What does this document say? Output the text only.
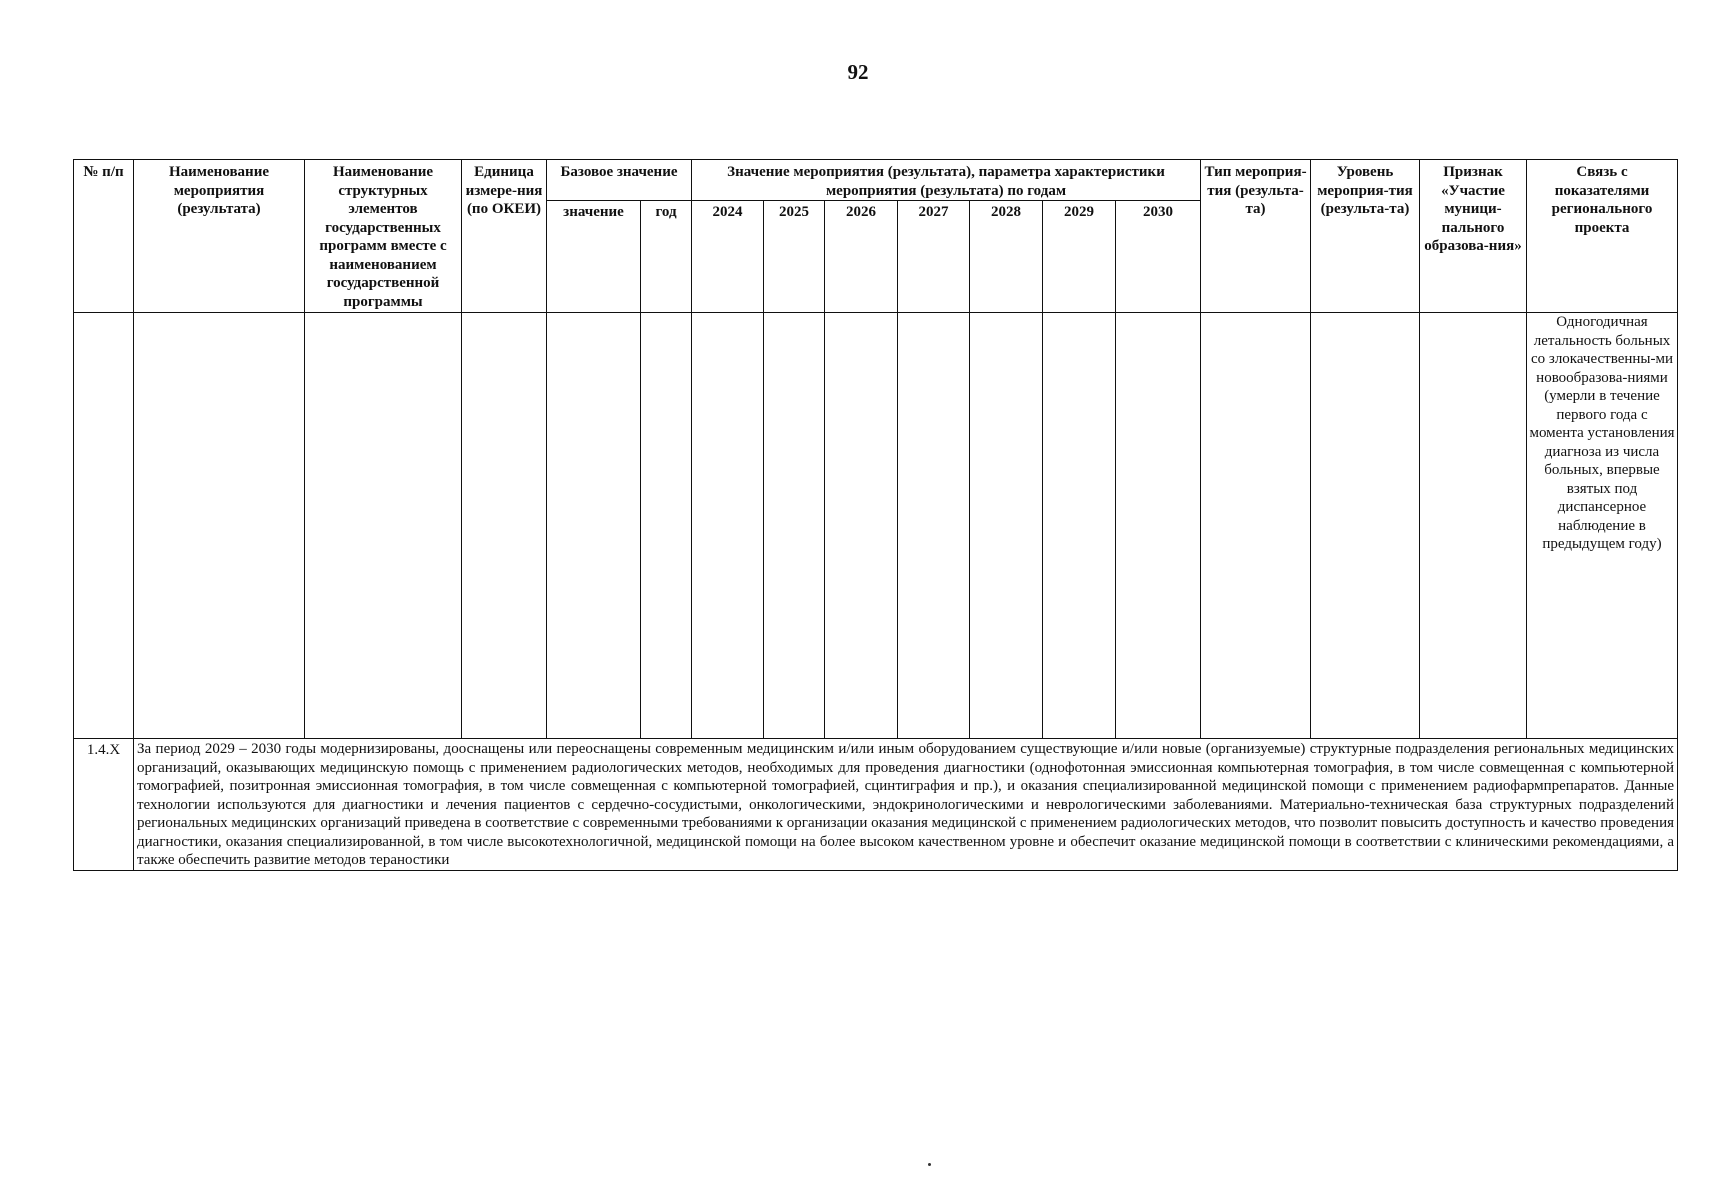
92
№ п/п	Наименование мероприятия (результата)	Наименование структурных элементов государственных программ вместе с наименованием государственной программы	Единица измере-ния (по ОКЕИ)	Базовое значение		Значение мероприятия (результата), параметра характеристики мероприятия (результата) по годам							Тип мероприя-тия (результа-та)	Уровень мероприя-тия (результа-та)	Признак «Участие муници-пального образова-ния»	Связь с показателями регионального проекта
				значение	год	2024	2025	2026	2027	2028	2029	2030				
																Одногодичная летальность больных со злокачественны-ми новообразова-ниями (умерли в течение первого года с момента установления диагноза из числа больных, впервые взятых под диспансерное наблюдение в предыдущем году)
1.4.Х	За период 2029 – 2030 годы модернизированы, дооснащены или переоснащены современным медицинским и/или иным оборудованием существующие и/или новые (организуемые) структурные подразделения региональных медицинских организаций, оказывающих медицинскую помощь с применением радиологических методов, необходимых для проведения диагностики (однофотонная эмиссионная компьютерная томография, в том числе совмещенная с компьютерной томографией, позитронная эмиссионная томография, в том числе совмещенная с компьютерной томографией, сцинтиграфия и пр.), и оказания специализированной медицинской помощи с применением радиофармпрепаратов. Данные технологии используются для диагностики и лечения пациентов с сердечно-сосудистыми, онкологическими, эндокринологическими и неврологическими заболеваниями. Материально-техническая база структурных подразделений региональных медицинских организаций приведена в соответствие с современными требованиями к организации оказания медицинской с применением радиологических методов, что позволит повысить доступность и качество проведения диагностики, оказания специализированной, в том числе высокотехнологичной, медицинской помощи на более высоком качественном уровне и обеспечит оказание медицинской помощи в соответствии с клиническими рекомендациями, а также обеспечить развитие методов тераностики															
